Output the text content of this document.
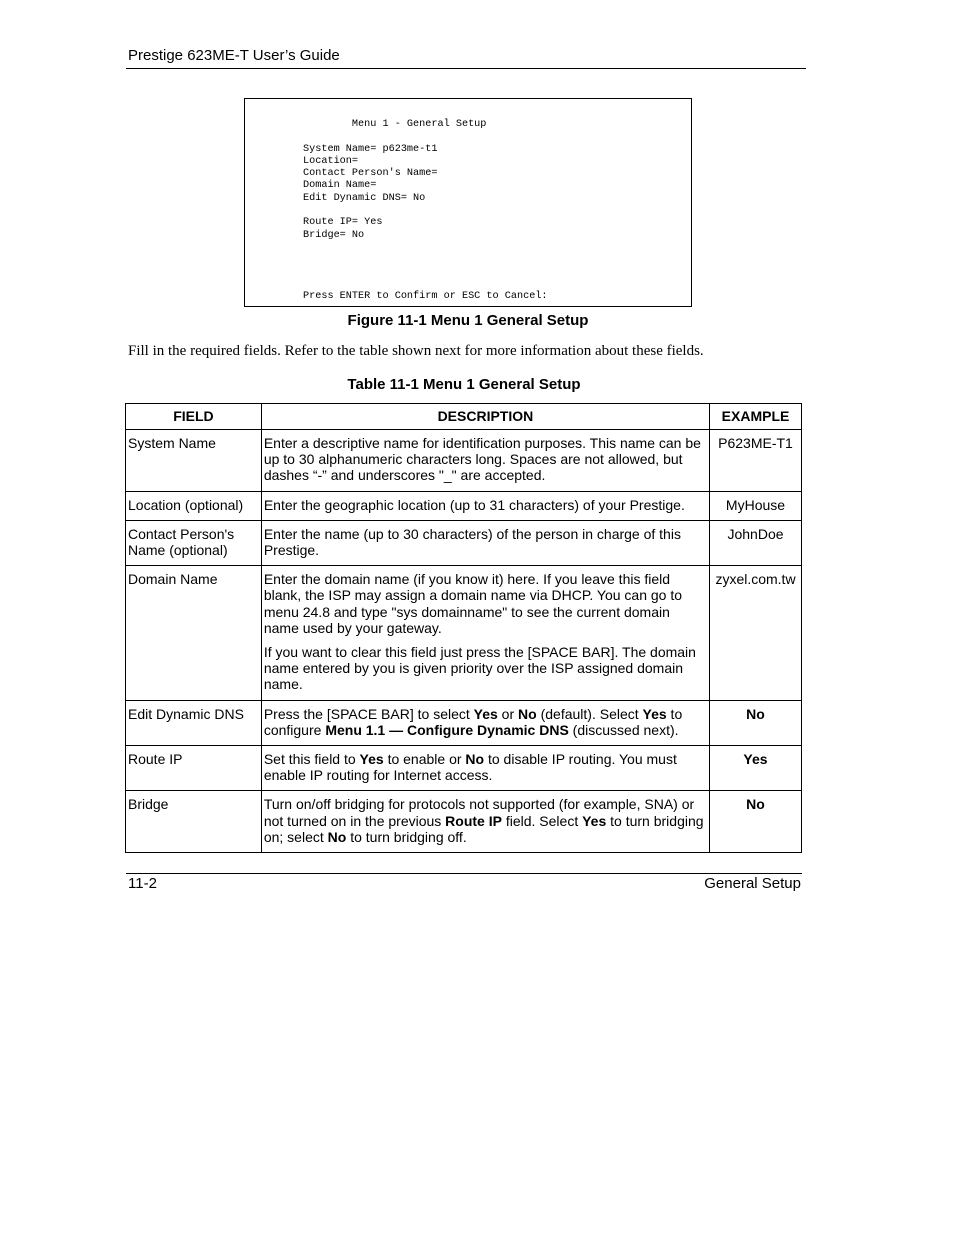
Prestige 623ME-T User’s Guide
Menu 1 - General Setup

System Name= p623me-t1
Location=
Contact Person's Name=
Domain Name=
Edit Dynamic DNS= No

Route IP= Yes
Bridge= No

Press ENTER to Confirm or ESC to Cancel:
Figure 11-1 Menu 1 General Setup
Fill in the required fields. Refer to the table shown next for more information about these fields.
Table 11-1 Menu 1 General Setup
FIELD	DESCRIPTION	EXAMPLE
System Name	Enter a descriptive name for identification purposes. This name can be up to 30 alphanumeric characters long. Spaces are not allowed, but dashes “-” and underscores "_" are accepted.	P623ME-T1
Location (optional)	Enter the geographic location (up to 31 characters) of your Prestige.	MyHouse
Contact Person's Name (optional)	Enter the name (up to 30 characters) of the person in charge of this Prestige.	JohnDoe
Domain Name	Enter the domain name (if you know it) here. If you leave this field blank, the ISP may assign a domain name via DHCP. You can go to menu 24.8 and type "sys domainname" to see the current domain name used by your gateway.

If you want to clear this field just press the [SPACE BAR]. The domain name entered by you is given priority over the ISP assigned domain name.	zyxel.com.tw
Edit Dynamic DNS	Press the [SPACE BAR] to select Yes or No (default). Select Yes to configure Menu 1.1 — Configure Dynamic DNS (discussed next).	No
Route IP	Set this field to Yes to enable or No to disable IP routing. You must enable IP routing for Internet access.	Yes
Bridge	Turn on/off bridging for protocols not supported (for example, SNA) or not turned on in the previous Route IP field. Select Yes to turn bridging on; select No to turn bridging off.	No
11-2	General Setup
